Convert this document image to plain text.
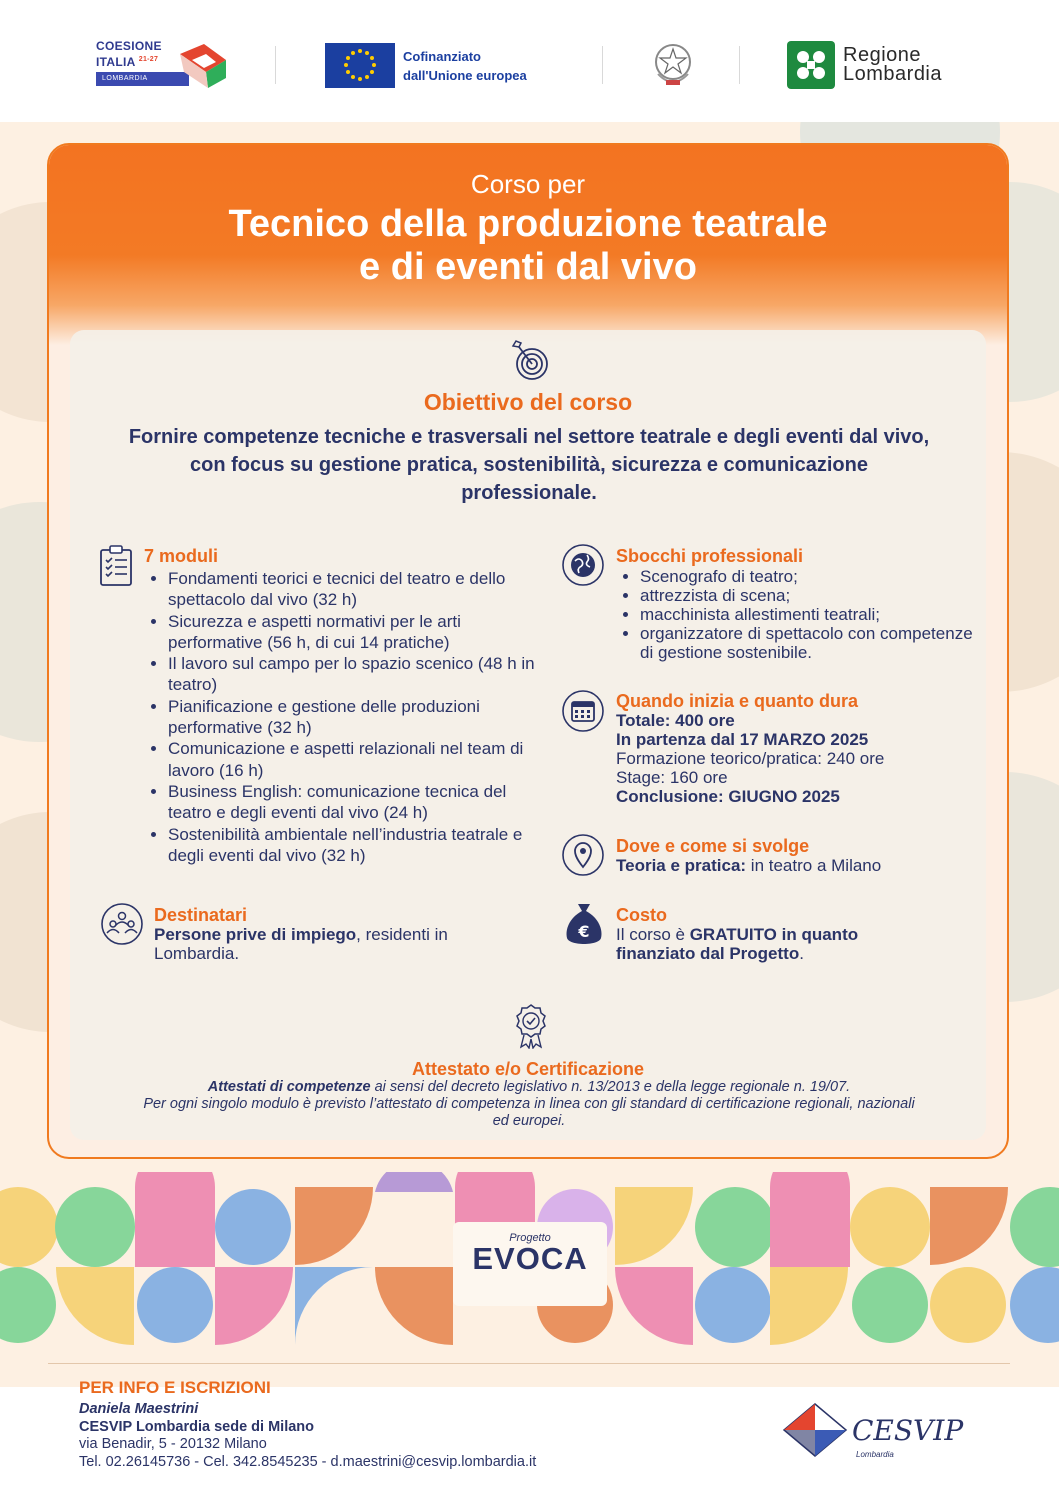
COESIONE
ITALIA $^{21-27}$
LOMBARDIA
Cofinanziato
dall'Unione europea
Regione
Lombardia
Corso per
Tecnico della produzione teatrale
e di eventi dal vivo
Obiettivo del corso
Fornire competenze tecniche e trasversali nel settore teatrale e degli eventi dal vivo, con focus su gestione pratica, sostenibilità, sicurezza e comunicazione professionale.
7 moduli
• Fondamenti teorici e tecnici del teatro e dello spettacolo dal vivo (32 h)
• Sicurezza e aspetti normativi per le arti performative (56 h, di cui 14 pratiche)
• Il lavoro sul campo per lo spazio scenico (48 h in teatro)
• Pianificazione e gestione delle produzioni performative (32 h)
• Comunicazione e aspetti relazionali nel team di lavoro (16 h)
• Business English: comunicazione tecnica del teatro e degli eventi dal vivo (24 h)
• Sostenibilità ambientale nell’industria teatrale e degli eventi dal vivo (32 h)
Destinatari
Persone prive di impiego, residenti in Lombardia.
Sbocchi professionali
• Scenografo di teatro;
• attrezzista di scena;
• macchinista allestimenti teatrali;
• organizzatore di spettacolo con competenze di gestione sostenibile.
Quando inizia e quanto dura
Totale: 400 ore
In partenza dal 17 MARZO 2025
Formazione teorico/pratica: 240 ore
Stage: 160 ore
Conclusione: GIUGNO 2025
Dove e come si svolge
Teoria e pratica: in teatro a Milano
€
Costo
Il corso è GRATUITO in quanto
finanziato dal Progetto.
Attestato e/o Certificazione
Attestati di competenze ai sensi del decreto legislativo n. 13/2013 e della legge regionale n. 19/07.
Per ogni singolo modulo è previsto l’attestato di competenza in linea con gli standard di certificazione regionali, nazionali ed europei.
Progetto
EVOCA
PER INFO E ISCRIZIONI
Daniela Maestrini
CESVIP Lombardia sede di Milano
via Benadir, 5 - 20132 Milano
Tel. 02.26145736 - Cel. 342.8545235 - d.maestrini@cesvip.lombardia.it
CESVIP
Lombardia
